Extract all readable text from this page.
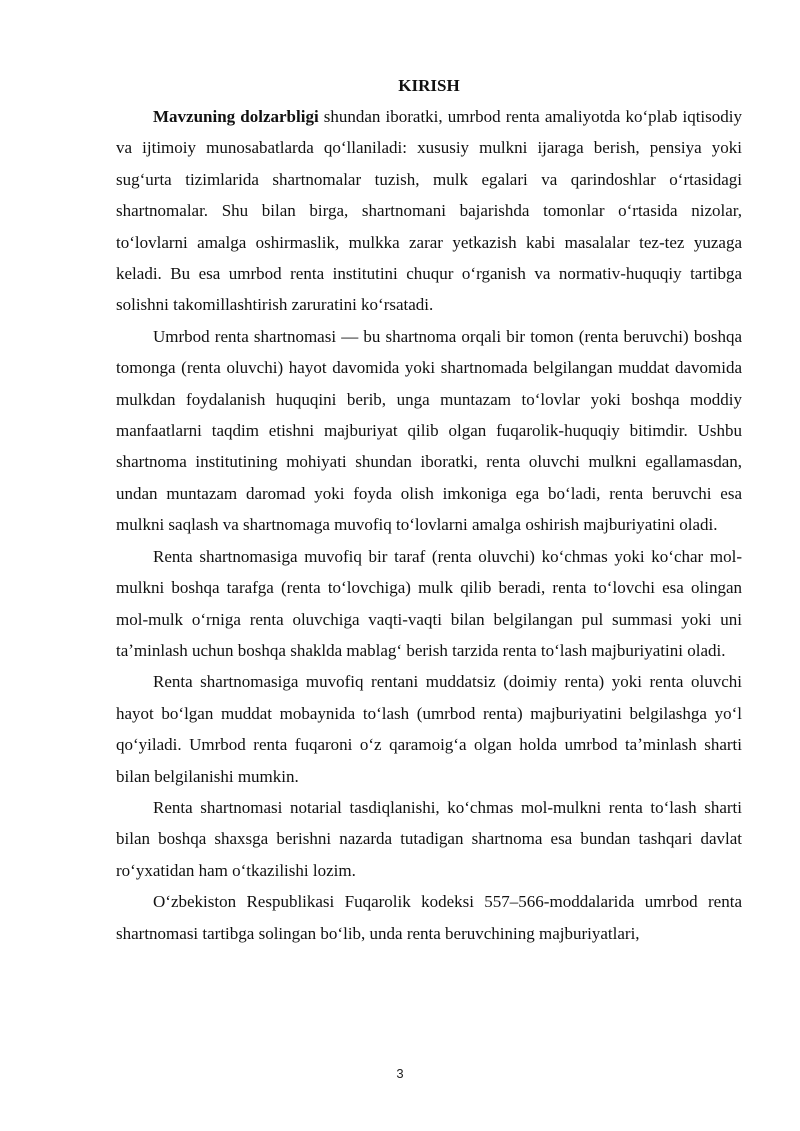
KIRISH

Mavzuning dolzarbligi shundan iboratki, umrbod renta amaliyotda koʻplab iqtisodiy va ijtimoiy munosabatlarda qoʻllaniladi: xususiy mulkni ijaraga berish, pensiya yoki sugʻurta tizimlarida shartnomalar tuzish, mulk egalari va qarindoshlar oʻrtasidagi shartnomalar. Shu bilan birga, shartnomani bajarishda tomonlar oʻrtasida nizolar, toʻlovlarni amalga oshirmaslik, mulkka zarar yetkazish kabi masalalar tez-tez yuzaga keladi. Bu esa umrbod renta institutini chuqur oʻrganish va normativ-huquqiy tartibga solishni takomillashtirish zaruratini koʻrsatadi.

Umrbod renta shartnomasi — bu shartnoma orqali bir tomon (renta beruvchi) boshqa tomonga (renta oluvchi) hayot davomida yoki shartnomada belgilangan muddat davomida mulkdan foydalanish huquqini berib, unga muntazam toʻlovlar yoki boshqa moddiy manfaatlarni taqdim etishni majburiyat qilib olgan fuqarolik-huquqiy bitimdir. Ushbu shartnoma institutining mohiyati shundan iboratki, renta oluvchi mulkni egallamasdan, undan muntazam daromad yoki foyda olish imkoniga ega boʻladi, renta beruvchi esa mulkni saqlash va shartnomaga muvofiq toʻlovlarni amalga oshirish majburiyatini oladi.

Renta shartnomasiga muvofiq bir taraf (renta oluvchi) koʻchmas yoki koʻchar mol-mulkni boshqa tarafga (renta toʻlovchiga) mulk qilib beradi, renta toʻlovchi esa olingan mol-mulk oʻrniga renta oluvchiga vaqti-vaqti bilan belgilangan pul summasi yoki uni taʼminlash uchun boshqa shaklda mablagʻ berish tarzida renta toʻlash majburiyatini oladi.

Renta shartnomasiga muvofiq rentani muddatsiz (doimiy renta) yoki renta oluvchi hayot boʻlgan muddat mobaynida toʻlash (umrbod renta) majburiyatini belgilashga yoʻl qoʻyiladi. Umrbod renta fuqaroni oʻz qaramoigʻa olgan holda umrbod taʼminlash sharti bilan belgilanishi mumkin.

Renta shartnomasi notarial tasdiqlanishi, koʻchmas mol-mulkni renta toʻlash sharti bilan boshqa shaxsga berishni nazarda tutadigan shartnoma esa bundan tashqari davlat roʻyxatidan ham oʻtkazilishi lozim.

Oʻzbekiston Respublikasi Fuqarolik kodeksi 557–566-moddalarida umrbod renta shartnomasi tartibga solingan boʻlib, unda renta beruvchining majburiyatlari,

3
